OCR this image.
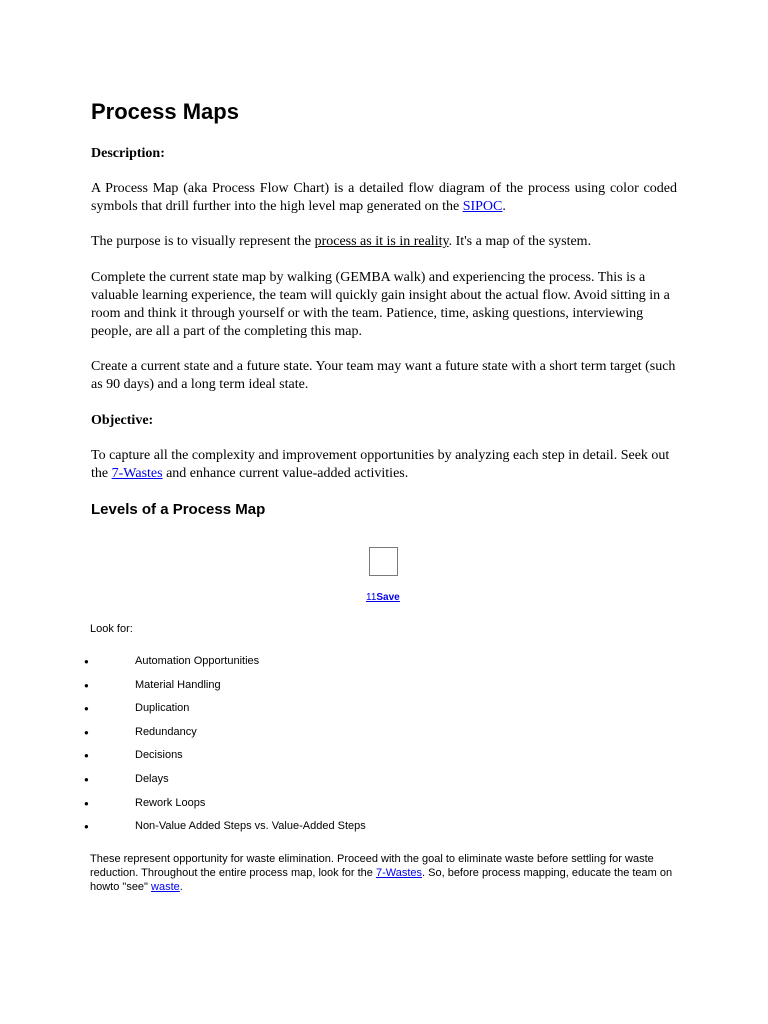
Process Maps
Description:

A Process Map (aka Process Flow Chart) is a detailed flow diagram of the process using color coded symbols that drill further into the high level map generated on the SIPOC.

The purpose is to visually represent the process as it is in reality. It's a map of the system.

Complete the current state map by walking (GEMBA walk) and experiencing the process. This is a valuable learning experience, the team will quickly gain insight about the actual flow. Avoid sitting in a room and think it through yourself or with the team. Patience, time, asking questions, interviewing people, are all a part of the completing this map.

Create a current state and a future state. Your team may want a future state with a short term target (such as 90 days) and a long term ideal state.

Objective:

To capture all the complexity and improvement opportunities by analyzing each step in detail. Seek out the 7-Wastes and enhance current value-added activities.

Levels of a Process Map
11Save

Look for:

●	Automation Opportunities
●	Material Handling
●	Duplication
●	Redundancy
●	Decisions
●	Delays
●	Rework Loops
●	Non-Value Added Steps vs. Value-Added Steps

These represent opportunity for waste elimination. Proceed with the goal to eliminate waste before settling for waste reduction. Throughout the entire process map, look for the 7-Wastes. So, before process mapping, educate the team on howto "see" waste.
